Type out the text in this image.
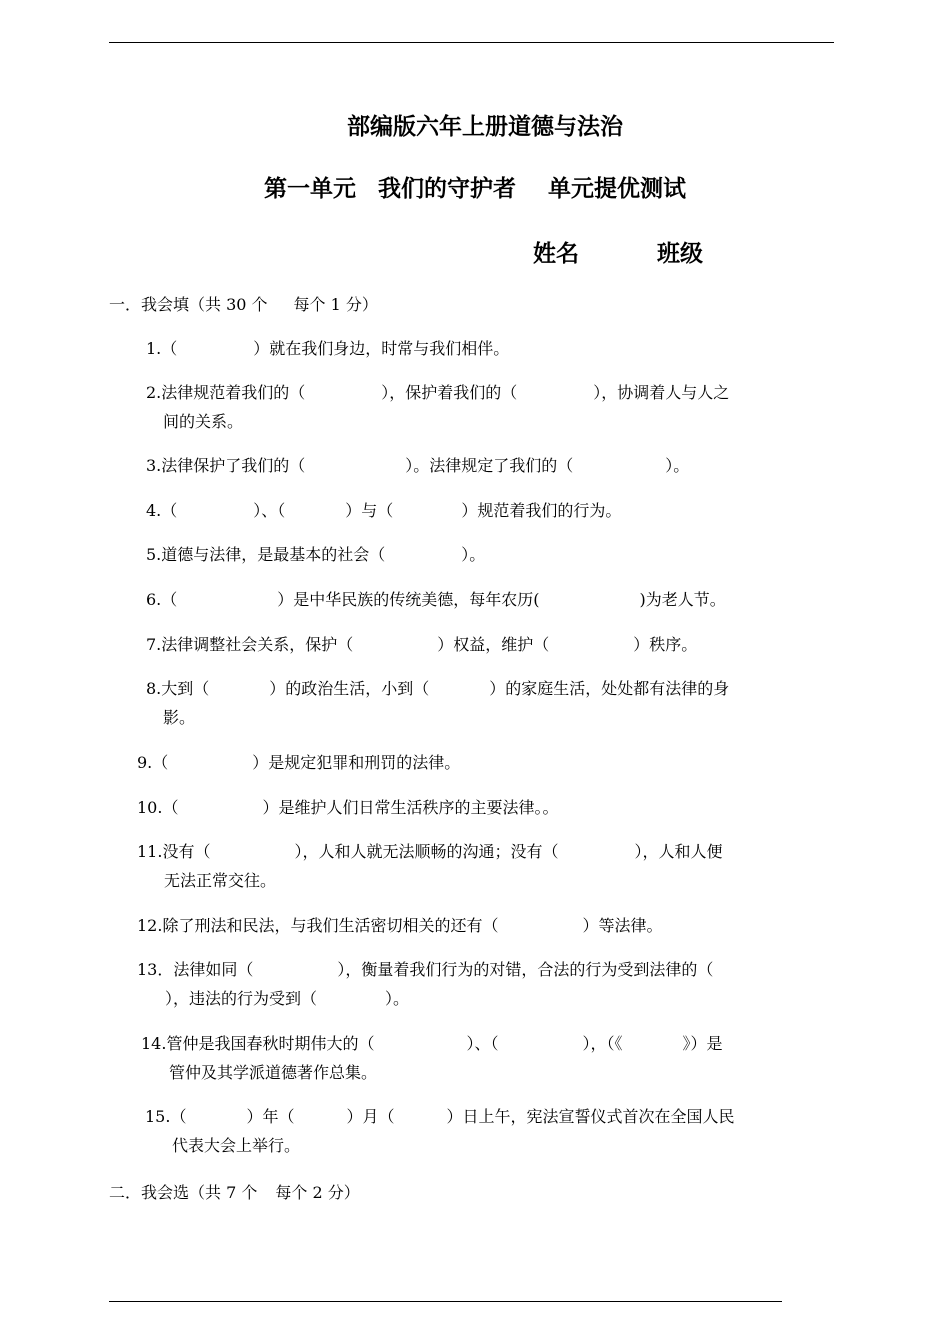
部编版六年上册道德与法治
第一单元 我们的守护者 单元提优测试
姓名	班级
一．我会填（共 30 个 每个 1 分）
1.（	）就在我们身边，时常与我们相伴。
2.法律规范着我们的（	），保护着我们的（	），协调着人与人之
间的关系。
3.法律保护了我们的（	）。法律规定了我们的（	）。
4.（	）、（	）与（	）规范着我们的行为。
5.道德与法律，是最基本的社会（	）。
6.（	）是中华民族的传统美德，每年农历(	)为老人节。
7.法律调整社会关系，保护（	）权益，维护（	）秩序。
8.大到（	）的政治生活，小到（	）的家庭生活，处处都有法律的身
影。
9.（	）是规定犯罪和刑罚的法律。
10.（	）是维护人们日常生活秩序的主要法律。。
11.没有（	），人和人就无法顺畅的沟通；没有（	），人和人便
无法正常交往。
12.除了刑法和民法，与我们生活密切相关的还有（	）等法律。
13．法律如同（	），衡量着我们行为的对错，合法的行为受到法律的（
），违法的行为受到（	）。
14.管仲是我国春秋时期伟大的（	）、（	），（《	》）是
管仲及其学派道德著作总集。
15.（	）年（	）月（	）日上午，宪法宣誓仪式首次在全国人民
代表大会上举行。
二．我会选（共 7 个 每个 2 分）
